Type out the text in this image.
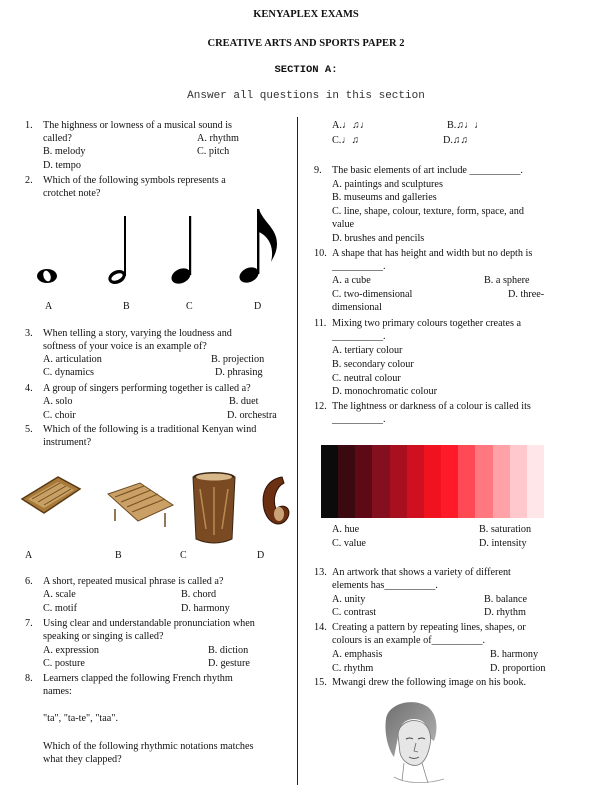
KENYAPLEX EXAMS
CREATIVE ARTS AND SPORTS PAPER 2
SECTION A:
Answer all questions in this section
1. The highness or lowness of a musical sound is
called?	A. rhythm
B. melody	C. pitch
D. tempo
2. Which of the following symbols represents a
crotchet note?
A	B	C	D
3. When telling a story, varying the loudness and
softness of your voice is an example of?
A. articulation	B. projection
C. dynamics	D. phrasing
4. A group of singers performing together is called a?
A. solo	B. duet
C. choir	D. orchestra
5. Which of the following is a traditional Kenyan wind
instrument?
A	B	C	D
6. A short, repeated musical phrase is called a?
A. scale	B. chord
C. motif	D. harmony
7. Using clear and understandable pronunciation when
speaking or singing is called?
A. expression	B. diction
C. posture	D. gesture
8. Learners clapped the following French rhythm
names:
"ta", "ta-te", "taa".
Which of the following rhythmic notations matches
what they clapped?
A.♩♫♩	B.♫♩♩
C.♩♫	D.♫♫
9. The basic elements of art include __________.
A. paintings and sculptures
B. museums and galleries
C. line, shape, colour, texture, form, space, and
value
D. brushes and pencils
10. A shape that has height and width but no depth is
__________.
A. a cube	B. a sphere
C. two-dimensional	D. three-
dimensional
11. Mixing two primary colours together creates a
__________.
A. tertiary colour
B. secondary colour
C. neutral colour
D. monochromatic colour
12. The lightness or darkness of a colour is called its
__________.
A. hue	B. saturation
C. value	D. intensity
13. An artwork that shows a variety of different
elements has__________.
A. unity	B. balance
C. contrast	D. rhythm
14. Creating a pattern by repeating lines, shapes, or
colours is an example of__________.
A. emphasis	B. harmony
C. rhythm	D. proportion
15. Mwangi drew the following image on his book.
